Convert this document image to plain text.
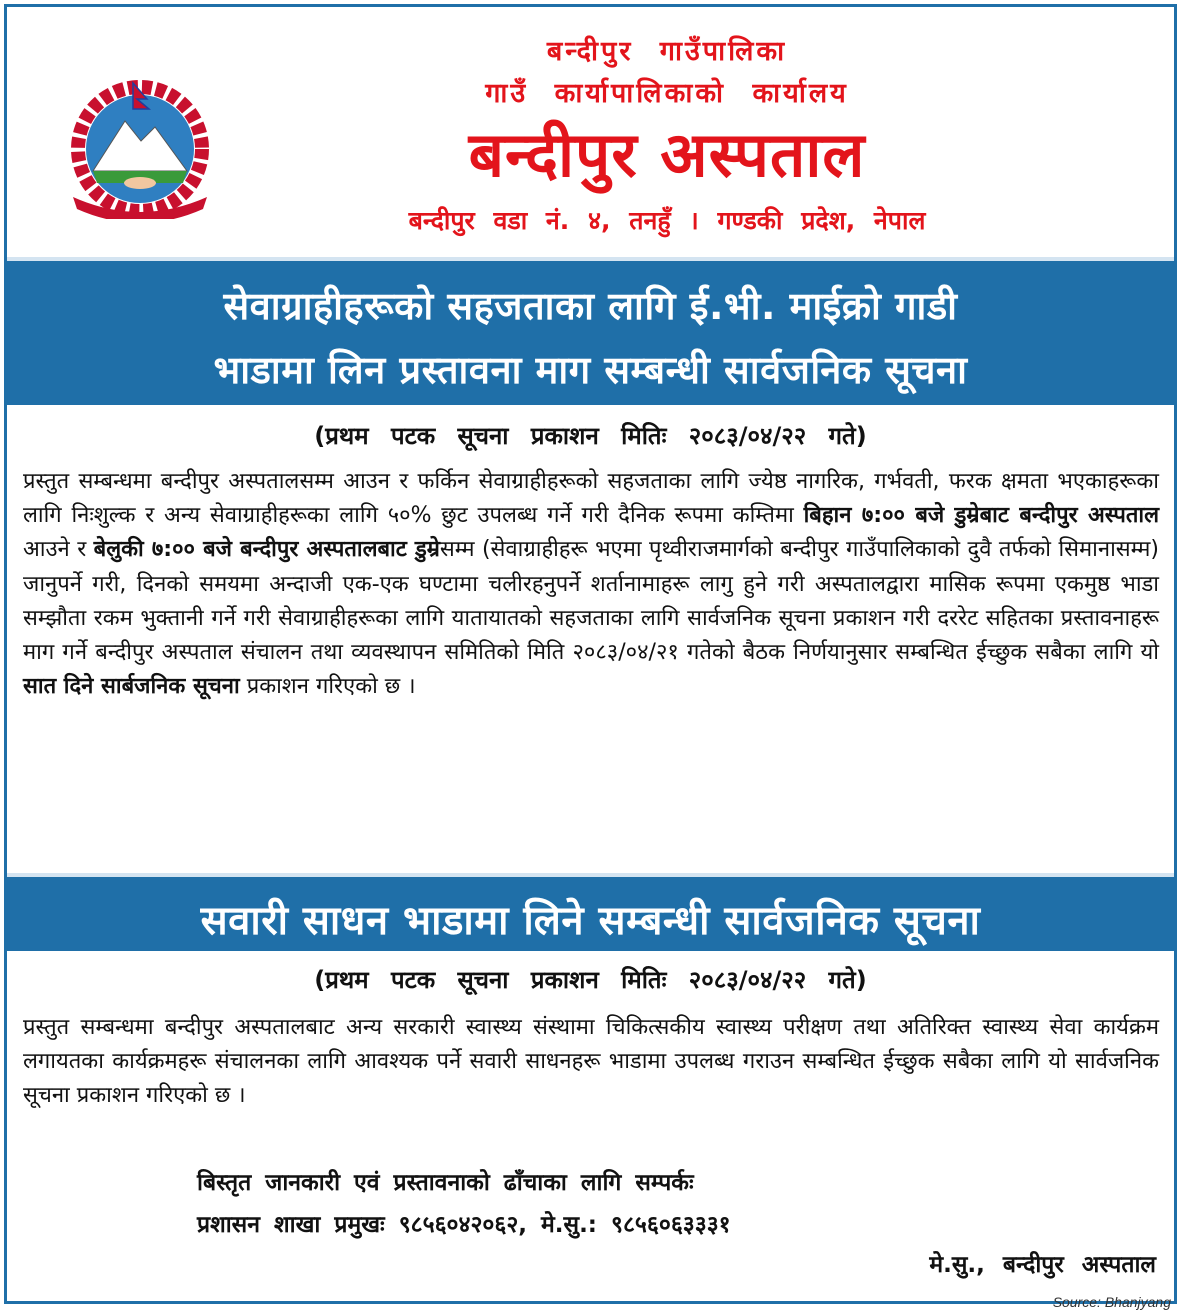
बन्दीपुर गाउँपालिका
गाउँ कार्यापालिकाको कार्यालय
बन्दीपुर अस्पताल
बन्दीपुर वडा नं. ४, तनहुँ । गण्डकी प्रदेश, नेपाल
सेवाग्राहीहरूको सहजताका लागि ई.भी. माईक्रो गाडी
भाडामा लिन प्रस्तावना माग सम्बन्धी सार्वजनिक सूचना
(प्रथम पटक सूचना प्रकाशन मितिः २०८३/०४/२२ गते)
प्रस्तुत सम्बन्धमा बन्दीपुर अस्पतालसम्म आउन र फर्किन सेवाग्राहीहरूको सहजताका लागि ज्येष्ठ नागरिक, गर्भवती, फरक क्षमता भएकाहरूका लागि निःशुल्क र अन्य सेवाग्राहीहरूका लागि ५०% छुट उपलब्ध गर्ने गरी दैनिक रूपमा कम्तिमा बिहान ७:०० बजे डुम्रेबाट बन्दीपुर अस्पताल आउने र बेलुकी ७:०० बजे बन्दीपुर अस्पतालबाट डुम्रेसम्म (सेवाग्राहीहरू भएमा पृथ्वीराजमार्गको बन्दीपुर गाउँपालिकाको दुवै तर्फको सिमानासम्म) जानुपर्ने गरी, दिनको समयमा अन्दाजी एक-एक घण्टामा चलीरहनुपर्ने शर्तानामाहरू लागु हुने गरी अस्पतालद्वारा मासिक रूपमा एकमुष्ठ भाडा सम्झौता रकम भुक्तानी गर्ने गरी सेवाग्राहीहरूका लागि यातायातको सहजताका लागि सार्वजनिक सूचना प्रकाशन गरी दररेट सहितका प्रस्तावनाहरू माग गर्ने बन्दीपुर अस्पताल संचालन तथा व्यवस्थापन समितिको मिति २०८३/०४/२१ गतेको बैठक निर्णयानुसार सम्बन्धित ईच्छुक सबैका लागि यो सात दिने सार्बजनिक सूचना प्रकाशन गरिएको छ ।
सवारी साधन भाडामा लिने सम्बन्धी सार्वजनिक सूचना
(प्रथम पटक सूचना प्रकाशन मितिः २०८३/०४/२२ गते)
प्रस्तुत सम्बन्धमा बन्दीपुर अस्पतालबाट अन्य सरकारी स्वास्थ्य संस्थामा चिकित्सकीय स्वास्थ्य परीक्षण तथा अतिरिक्त स्वास्थ्य सेवा कार्यक्रम लगायतका कार्यक्रमहरू संचालनका लागि आवश्यक पर्ने सवारी साधनहरू भाडामा उपलब्ध गराउन सम्बन्धित ईच्छुक सबैका लागि यो सार्वजनिक सूचना प्रकाशन गरिएको छ ।
बिस्तृत जानकारी एवं प्रस्तावनाको ढाँचाका लागि सम्पर्कः
प्रशासन शाखा प्रमुखः ९८५६०४२०६२, मे.सु.: ९८५६०६३३३१
मे.सु., बन्दीपुर अस्पताल
Source: Bhanjyang
